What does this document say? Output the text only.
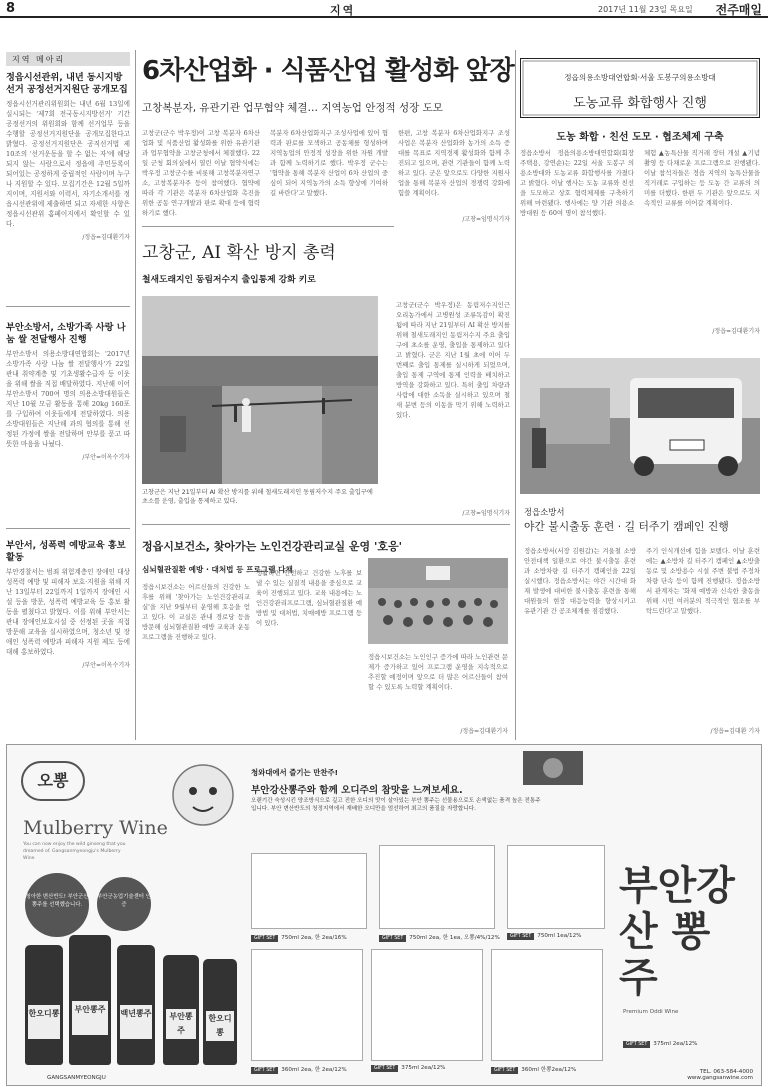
8	지역	2017년 11월 23일 목요일 전주매일
지역 메아리
정읍시선관위, 내년 동시지방선거 공정선거지원단 공개모집
정읍시선거관리위원회는 내년 6월 13일에 실시되는 '제7회 전국동시지방선거' 기간 공정선거의 위원회와 함께 선거업무 등을 수행할 공정선거지원단을 공개모집한다고 밝혔다. 공정선거지원단은 공직선거법 제10조의 '선거운동을 할 수 없는 자'에 해당되지 않는 사람으로서 정읍에 주민등록이 되어있는 공정하게 중립적인 사람이며 누구나 지원할 수 있다. 모집기간은 12월 5일까지이며, 지원서와 이력서, 자기소개서를 정읍시선관위에 제출하면 되고 자세한 사항은 정읍시선관위 홈페이지에서 확인할 수 있다.
/정읍=김대환기자
부안소방서, 소방가족 사랑 나눔 쌀 전달행사 진행
부안소방서 의용소방대연합회는 '2017년 소방가족 사랑 나눔 쌀 전달행사'가 22일 관내 취약계층 및 기초생활수급자 등 이웃을 위해 쌀을 직접 배달하였다. 지난해 이어 부안소방서 700여 명의 의용소방대원들은 지난 10월 모금 활동을 통해 20kg 160포를 구입하여 이웃들에게 전달하였다. 의용소방대원들은 지난해 과의 협의를 통해 선정된 가정에 쌀을 전달하며 안부를 묻고 따뜻한 마음을 나눴다.
/부안=이옥수기자
부안서, 성폭력 예방교육 홍보 활동
부안경찰서는 범죄 위험계층인 장애인 대상 성폭력 예방 및 피해자 보호·지원을 위해 지난 13일부터 22일까지 1일까지 장애인 시설 등을 방문, 성폭력 예방교육 등 홍보 활동을 펼쳤다고 밝혔다. 이를 위해 부안서는 관내 장애인보호시설 중 선정된 곳을 직접 방문해 교육을 실시하였으며, 청소년 및 장애인 성폭력 예방과 피해자 지원 제도 등에 대해 홍보하였다.
/부안=이옥수기자
6차산업화 · 식품산업 활성화 앞장
고창복분자, 유관기관 업무협약 체결… 지역농업 안정적 성장 도모
고창군(군수 박우정)이 고창 복분자 6차산업화 및 식품산업 활성화를 위한 유관기관과 업무협약을 고창군청에서 체결했다. 22일 군청 회의실에서 열린 이날 협약식에는 박우정 고창군수를 비롯해 고창복분자연구소, 고창복분자주 등이 참여했다. 협약에 따라 각 기관은 복분자 6차산업화 촉진을 위한 공동 연구개발과 판로 확대 등에 협력하기로 했다.
복분자 6차산업화지구 조성사업에 있어 협력과 판로를 모색하고 공동체를 형성하며 지역농업의 안정적 성장을 위한 자원 개발과 함께 노력하기로 했다. 박우정 군수는 '협약을 통해 복분자 산업이 6차 산업의 중심이 되어 지역농가의 소득 향상에 기여하길 바란다'고 말했다.
한편, 고창 복분자 6차산업화지구 조성사업은 복분자 산업화와 농가의 소득 증대를 목표로 지역경제 활성화와 함께 추진되고 있으며, 관련 기관들이 함께 노력하고 있다. 군은 앞으로도 다양한 지원사업을 통해 복분자 산업의 경쟁력 강화에 힘쓸 계획이다.
/고창=임명식기자
고창군, AI 확산 방지 총력
철새도래지인 동림저수지 출입통제 강화 키로
고창군은 지난 21일부터 AI 확산 방지를 위해 철새도래지인 동림저수지 주요 출입구에 초소를 운영, 출입을 통제하고 있다.
고창군(군수 박우정)은 동림저수지인근 오리농가에서 고병원성 조류독감이 확진됨에 따라 지난 21일부터 AI 확산 방지를 위해 철새도래지인 동림저수지 주요 출입구에 초소를 운영, 출입을 통제하고 있다고 밝혔다. 군은 지난 1월 초에 이어 두 번째로 출입 통제를 실시하게 되었으며, 출입 통제 구역에 통제 인력을 배치하고 방역을 강화하고 있다. 특히 출입 차량과 사람에 대한 소독을 실시하고 있으며 철새 분변 등의 이동을 막기 위해 노력하고 있다.
/고창=임명식기자
정읍시보건소, 찾아가는 노인건강관리교실 운영 '호응'
심뇌혈관질환 예방 · 대처법 등 프로그램 다채
정읍시보건소는 어르신들의 건강한 노후를 위해 '찾아가는 노인건강관리교실'을 지난 9월부터 운영해 호응을 얻고 있다. 이 교실은 관내 경로당 등을 방문해 심뇌혈관질환 예방 교육과 운동 프로그램을 진행하고 있다.
생활하면 안전하고 건강한 노후를 보낼 수 있는 실질적 내용을 중심으로 교육이 진행되고 있다. 교육 내용에는 노인건강관리프로그램, 심뇌혈관질환 예방법 및 대처법, 치매예방 프로그램 등이 있다.
정읍시보건소는 노인인구 증가에 따라 노인관련 문제가 증가하고 있어 프로그램 운영을 지속적으로 추진할 예정이며 앞으로 더 많은 어르신들이 참여할 수 있도록 노력할 계획이다.
/정읍=김대환기자
정읍의용소방대연합회·서울 도봉구의용소방대
도농교류 화합행사 진행
도농 화합 · 친선 도모 · 협조체제 구축
정읍소방서 정읍의용소방대연합회(회장 주택용, 강연순)는 22일 서울 도봉구 의용소방대와 도농교류 화합행사를 가졌다고 밝혔다. 이날 행사는 도농 교류와 친선을 도모하고 상호 협력체제를 구축하기 위해 마련됐다. 행사에는 양 기관 의용소방대원 등 60여 명이 참석했다.
체험 ▲농특산물 직거래 장터 개설 ▲기념 촬영 등 다채로운 프로그램으로 진행됐다. 이날 참석자들은 정읍 지역의 농특산물을 직거래로 구입하는 등 도농 간 교류의 의미를 더했다. 한편 두 기관은 앞으로도 지속적인 교류를 이어갈 계획이다.
/정읍=김대환기자
정읍소방서
야간 불시출동 훈련 · 길 터주기 캠페인 진행
정읍소방서(서장 김원갑)는 겨울철 소방안전대책 일환으로 야간 불시출동 훈련과 소방차량 길 터주기 캠페인을 22일 실시했다. 정읍소방서는 야간 시간대 화재 발생에 대비한 불시출동 훈련을 통해 대원들의 현장 대응능력을 향상시키고 유관기관 간 공조체계를 점검했다.
주기 인식개선에 힘을 보탰다. 이날 훈련에는 ▲소방차 길 터주기 캠페인 ▲소방출동로 및 소방용수 시설 주변 불법 주정차 차량 단속 등이 함께 진행됐다. 정읍소방서 관계자는 '화재 예방과 신속한 출동을 위해 시민 여러분의 적극적인 협조를 부탁드린다'고 말했다.
/정읍=김대환 기자
오뽕
Mulberry Wine
You can now enjoy the wild ginseng that you dreamed of. Gangsanmyeongju's Mulberry Wine
청아한 변산반도! 부안군산뽕주를 선택했습니다.
부안군농업기술센터 인증
한오디뽕	부안뽕주	백년뽕주	부안뽕주
한오디뽕
청와대에서 즐기는 만찬주!
부안강산뽕주와 함께 오디주의 참맛을 느껴보세요.
오랜기간 숙성시킨 양조방식으로 깊고 진한 오디의 맛이 살아있는 부안 뽕주는 선물용으로도 손색없는 품격 높은 전통주입니다. 부안 변산반도의 청정지역에서 재배한 오디만을 엄선하여 최고의 품질을 자랑합니다.
GIFT SET 750ml 2ea, 한 2ea/16%	GIFT SET 750ml 2ea, 한 1ea, 오뽕/4%/12%	GIFT SET 750ml 1ea/12%
GIFT SET 360ml 2ea, 한 2ea/12%	GIFT SET 375ml 2ea/12%	GIFT SET 360ml 한뽕2ea/12%
GIFT SET 375ml 2ea/12%
부안강산 뽕주
Premium Oddi Wine
GANGSANMYEONGJU
TEL. 063-584-4000
www.gangsanwine.com
